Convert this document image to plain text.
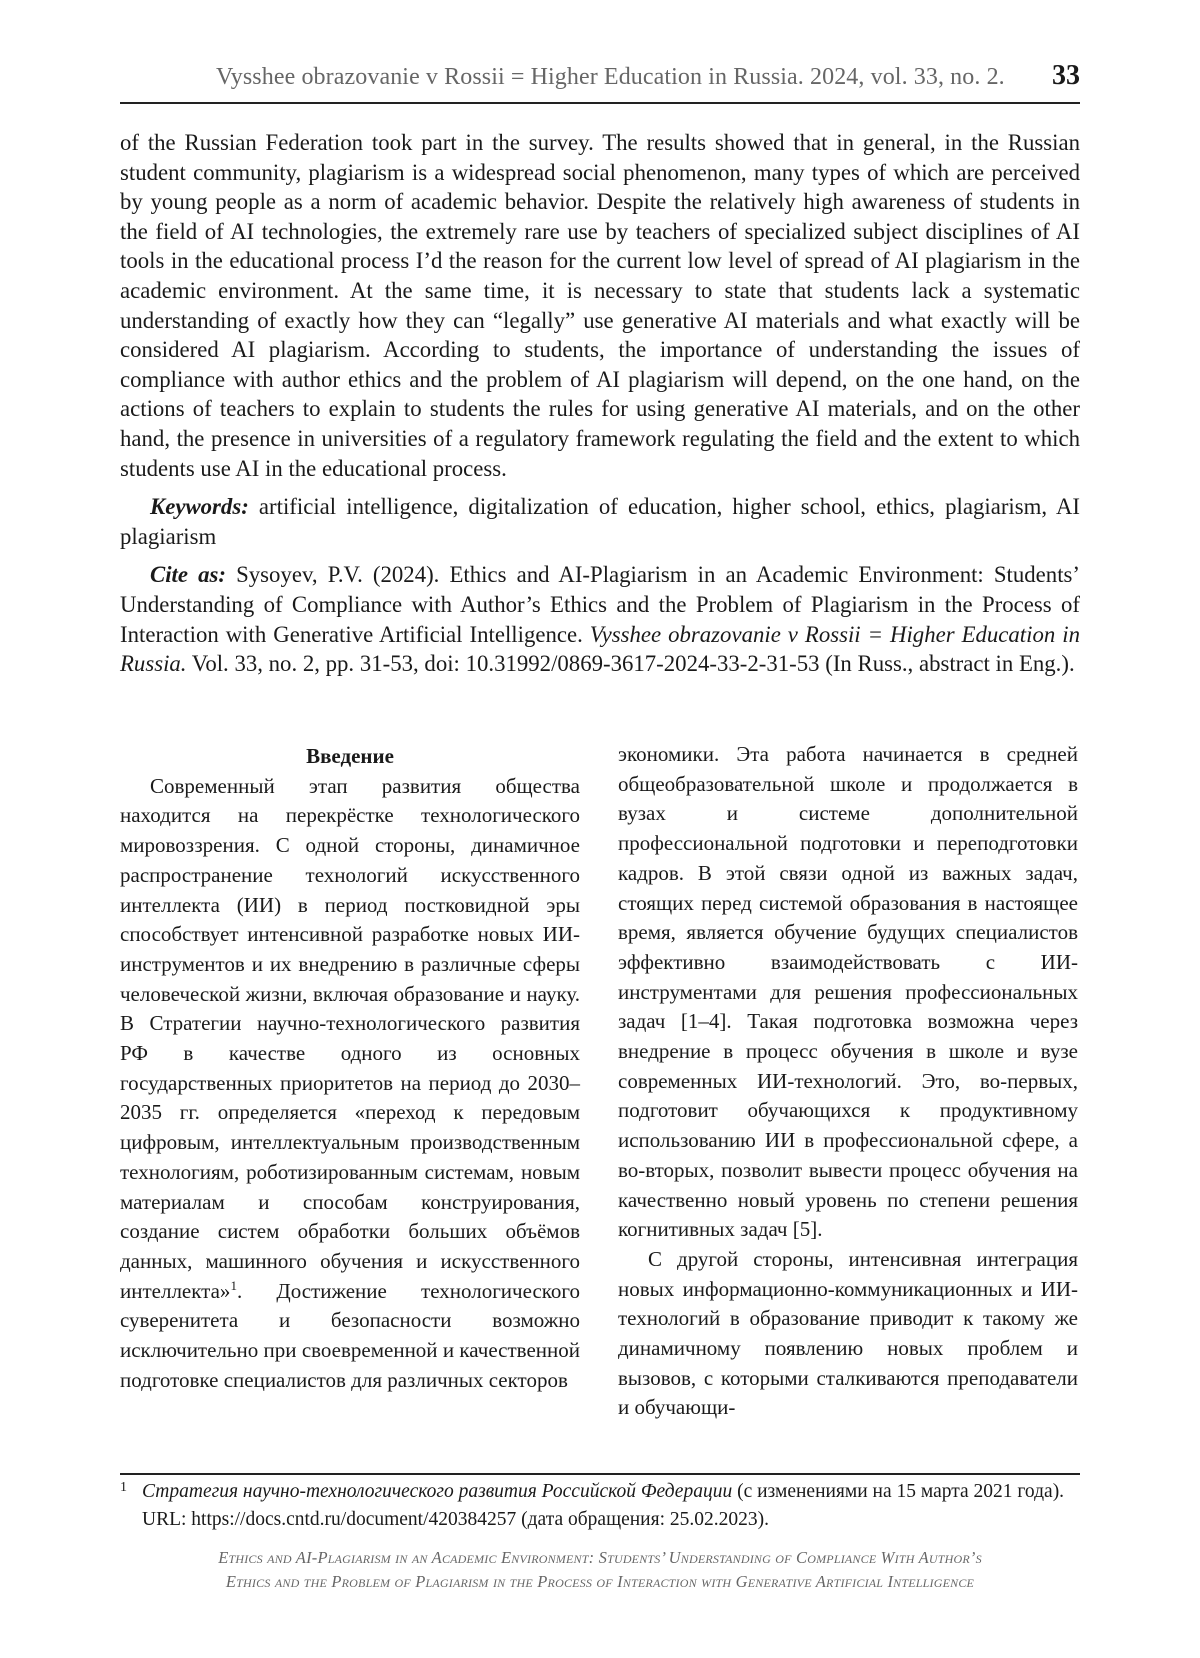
Vysshee obrazovanie v Rossii = Higher Education in Russia. 2024, vol. 33, no. 2. 33

of the Russian Federation took part in the survey. The results showed that in general, in the Russian student community, plagiarism is a widespread social phenomenon, many types of which are perceived by young people as a norm of academic behavior. Despite the relatively high awareness of students in the field of AI technologies, the extremely rare use by teachers of specialized subject disciplines of AI tools in the educational process I’d the reason for the current low level of spread of AI plagiarism in the academic environment. At the same time, it is necessary to state that students lack a systematic understanding of exactly how they can “legally” use generative AI materials and what exactly will be considered AI plagiarism. According to students, the importance of understanding the issues of compliance with author ethics and the problem of AI plagiarism will depend, on the one hand, on the actions of teachers to explain to students the rules for using generative AI materials, and on the other hand, the presence in universities of a regulatory framework regulating the field and the extent to which students use AI in the educational process.

Keywords: artificial intelligence, digitalization of education, higher school, ethics, plagiarism, AI plagiarism

Cite as: Sysoyev, P.V. (2024). Ethics and AI-Plagiarism in an Academic Environment: Students’ Understanding of Compliance with Author’s Ethics and the Problem of Plagiarism in the Process of Interaction with Generative Artificial Intelligence. Vysshee obrazovanie v Rossii = Higher Education in Russia. Vol. 33, no. 2, pp. 31-53, doi: 10.31992/0869-3617-2024-33-2-31-53 (In Russ., abstract in Eng.).

Введение

Современный этап развития общества находится на перекрёстке технологического мировоззрения. С одной стороны, динамичное распространение технологий искусственного интеллекта (ИИ) в период постковидной эры способствует интенсивной разработке новых ИИ-инструментов и их внедрению в различные сферы человеческой жизни, включая образование и науку. В Стратегии научно-технологического развития РФ в качестве одного из основных государственных приоритетов на период до 2030–2035 гг. определяется «переход к передовым цифровым, интеллектуальным производственным технологиям, роботизированным системам, новым материалам и способам конструирования, создание систем обработки больших объёмов данных, машинного обучения и искусственного интеллекта»$^1$. Достижение технологического суверенитета и безопасности возможно исключительно при своевременной и качественной подготовке специалистов для различных секторов

экономики. Эта работа начинается в средней общеобразовательной школе и продолжается в вузах и системе дополнительной профессиональной подготовки и переподготовки кадров. В этой связи одной из важных задач, стоящих перед системой образования в настоящее время, является обучение будущих специалистов эффективно взаимодействовать с ИИ-инструментами для решения профессиональных задач [1–4]. Такая подготовка возможна через внедрение в процесс обучения в школе и вузе современных ИИ-технологий. Это, во-первых, подготовит обучающихся к продуктивному использованию ИИ в профессиональной сфере, а во-вторых, позволит вывести процесс обучения на качественно новый уровень по степени решения когнитивных задач [5].

С другой стороны, интенсивная интеграция новых информационно-коммуникационных и ИИ-технологий в образование приводит к такому же динамичному появлению новых проблем и вызовов, с которыми сталкиваются преподаватели и обучающи-

1 Стратегия научно-технологического развития Российской Федерации (с изменениями на 15 марта 2021 года). URL: https://docs.cntd.ru/document/420384257 (дата обращения: 25.02.2023).
Ethics and AI-Plagiarism in an Academic Environment: Students’ Understanding of Compliance With Author’s
Ethics and the Problem of Plagiarism in the Process of Interaction with Generative Artificial Intelligence
